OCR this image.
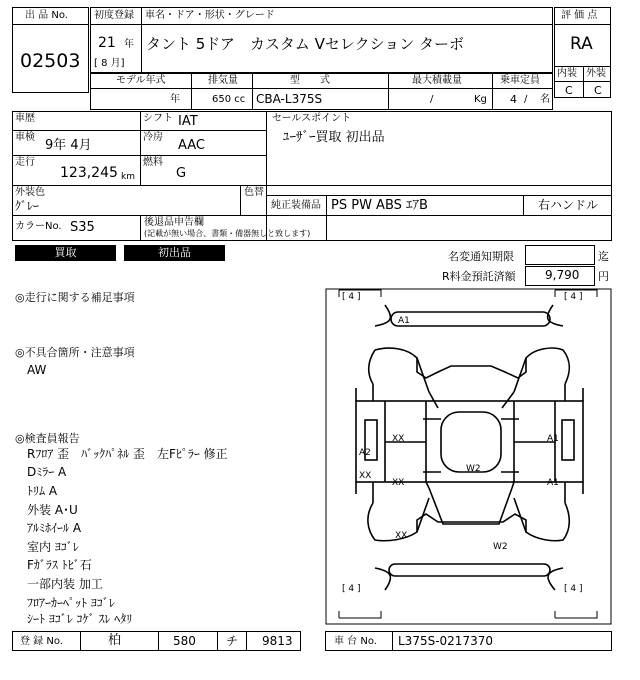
出 品 No.
02503
初度登録 車名・ドア・形状・グレード
21 年
[ 8 月]
タント 5ドア　カスタム Vセレクション ターボ
評 価 点
RA
内装 外装
C C
モデル年式
年
排気量
650 cc
型　　式
CBA-L375S
最大積載量
/	Kg
乗車定員
4 / 名
車歴	シフト IAT	セールスポイント
ﾕｰｻﾞｰ買取 初出品
車検
9年 4月
冷房
AAC
走行
123,245 km
燃料
G
外装色
ｸﾞﾚｰ
色替
純正装備品 PS PW ABS ｴｱB	右ハンドル
カラーNo. S35	後退品申告欄
(記載が無い場合、書類・備器無しと致します)
買取	初出品	名変通知期限	迄
R料金預託済額 9,790 円
◎走行に関する補足事項
◎不具合箇所・注意事項
AW
◎検査員報告
Rﾌﾛｱ 歪　ﾊﾞｯｸﾊﾟﾈﾙ 歪　左Fﾋﾟﾗｰ 修正
Dﾐﾗｰ A
ﾄﾘﾑ A
外装 A･U
ｱﾙﾐﾎｲｰﾙ A
室内 ﾖｺﾞﾚ
Fｶﾞﾗｽ ﾄﾋﾞ石
一部内装 加工
ﾌﾛｱｰｶｰﾍﾟｯﾄ ﾖｺﾞﾚ
ｼｰﾄ ﾖｺﾞﾚ ｺｹﾞ ｽﾚ ﾍﾀﾘ
[ 4 ]	[ 4 ]
[ 4 ]	[ 4 ]
A1
XX
XX
A2
XX
W2
A1
A1
XX
W2
登 録 No.	柏	580	チ 9813	車 台 No. L375S-0217370
